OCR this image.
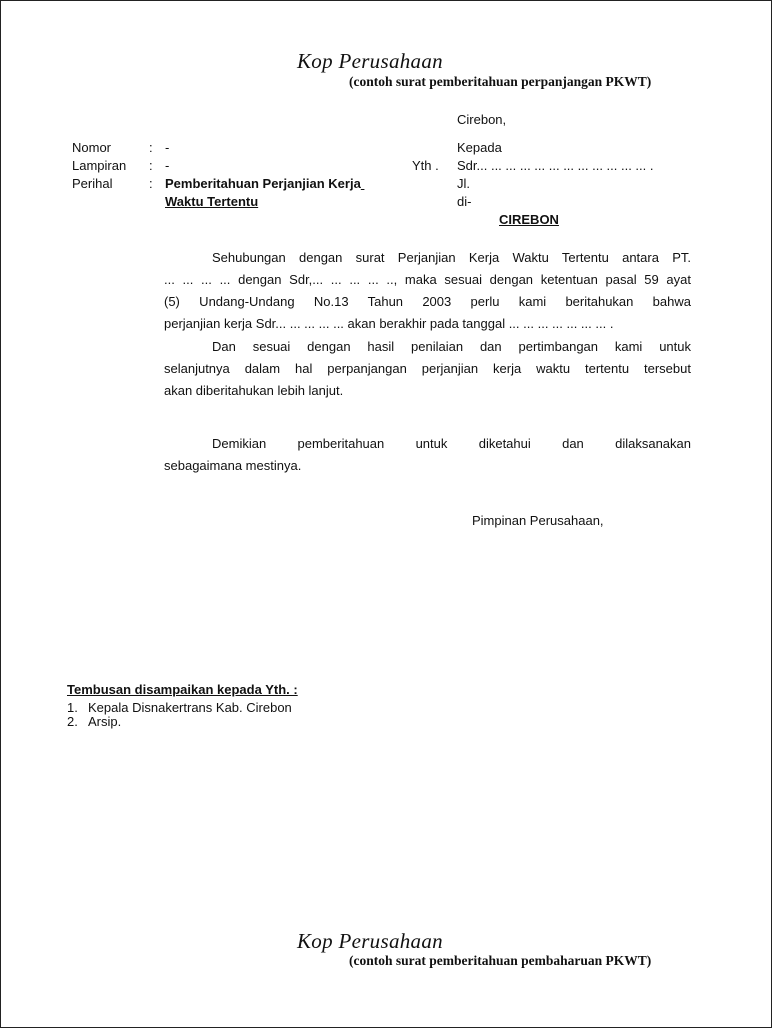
Kop Perusahaan
(contoh surat pemberitahuan perpanjangan PKWT)
Cirebon,
Nomor	: -
Lampiran : -
Perihal	: Pemberitahuan Perjanjian Kerja
Waktu Tertentu
Kepada
Yth . Sdr... ... ... ... ... ... ... ... ... ... ... ... .
Jl.
di-
CIREBON

Sehubungan dengan surat Perjanjian Kerja Waktu Tertentu antara PT.

... ... ... ... dengan Sdr,... ... ... ... .., maka sesuai dengan ketentuan pasal 59 ayat

(5) Undang-Undang No.13 Tahun 2003 perlu kami beritahukan bahwa

perjanjian kerja Sdr... ... ... ... ... akan berakhir pada tanggal ... ... ... ... ... ... ... .

Dan sesuai dengan hasil penilaian dan pertimbangan kami untuk

selanjutnya dalam hal perpanjangan perjanjian kerja waktu tertentu tersebut

akan diberitahukan lebih lanjut.

Demikian pemberitahuan untuk diketahui dan dilaksanakan

sebagaimana mestinya.

Pimpinan Perusahaan,
Tembusan disampaikan kepada Yth. :
1. Kepala Disnakertrans Kab. Cirebon
2. Arsip.
Kop Perusahaan
(contoh surat pemberitahuan pembaharuan PKWT)
